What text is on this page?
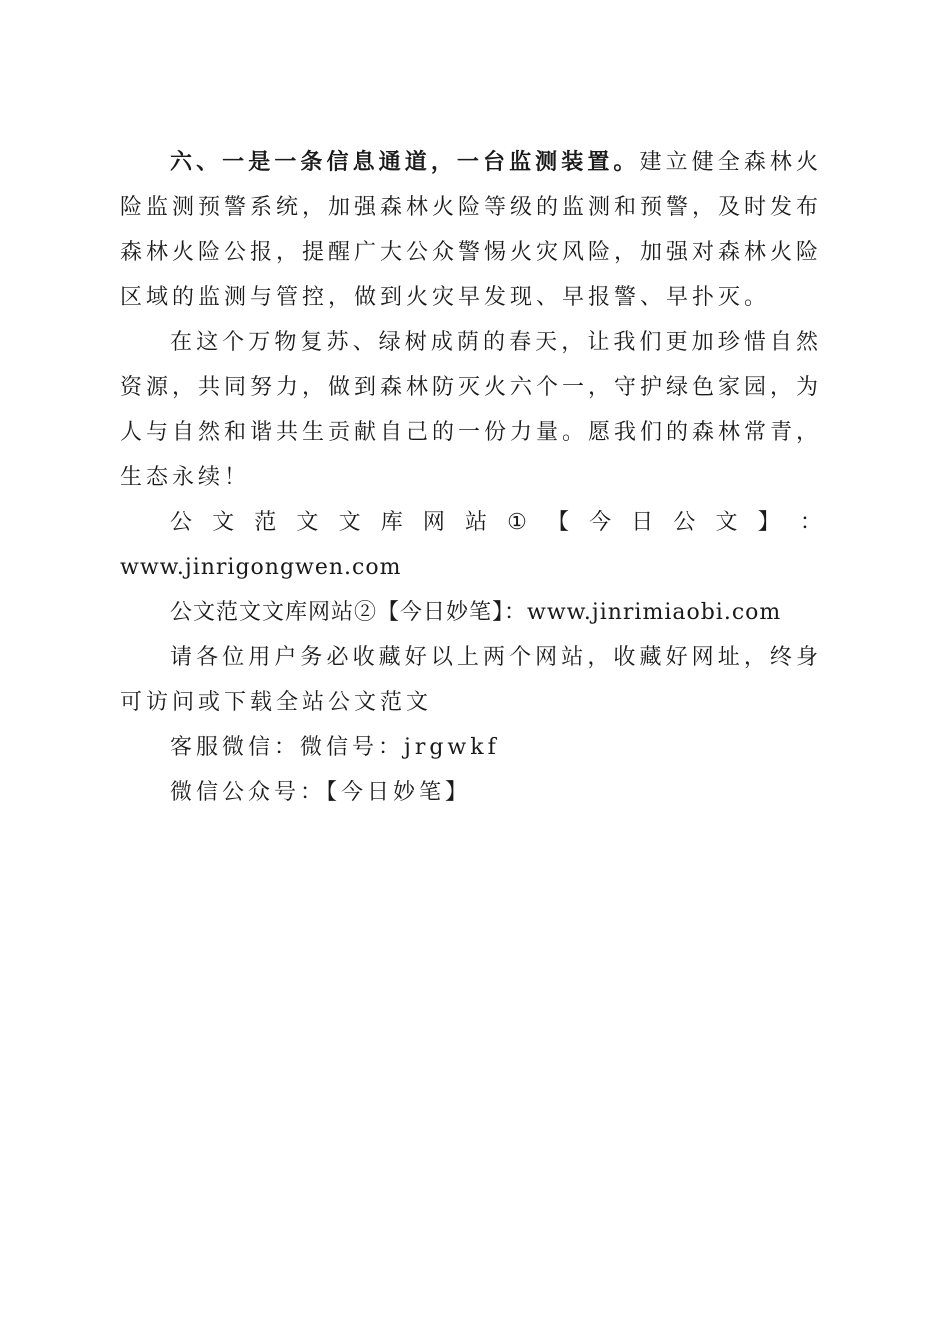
六、一是一条信息通道，一台监测装置。建立健全森林火险监测预警系统，加强森林火险等级的监测和预警，及时发布森林火险公报，提醒广大公众警惕火灾风险，加强对森林火险区域的监测与管控，做到火灾早发现、早报警、早扑灭。

在这个万物复苏、绿树成荫的春天，让我们更加珍惜自然资源，共同努力，做到森林防灭火六个一，守护绿色家园，为人与自然和谐共生贡献自己的一份力量。愿我们的森林常青，生态永续！

公 文 范 文 文 库 网 站 ① 【 今 日 公 文 】 ：
www.jinrigongwen.com
公文范文文库网站②【今日妙笔】：www.jinrimiaobi.com

请各位用户务必收藏好以上两个网站，收藏好网址，终身可访问或下载全站公文范文

客服微信：微信号：jrgwkf

微信公众号：【今日妙笔】
